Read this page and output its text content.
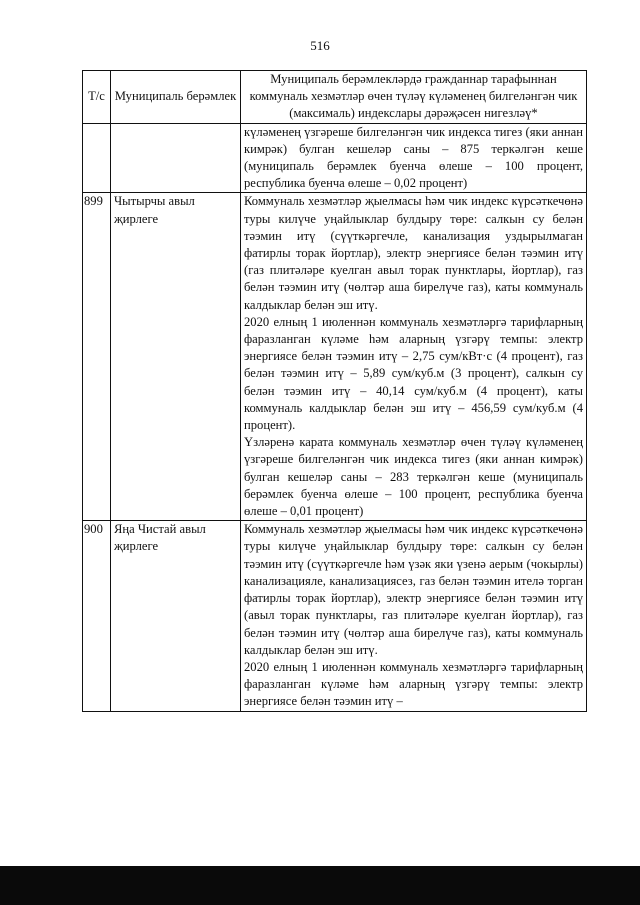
516
Т/с	Муниципаль берәмлек	Муниципаль берәмлекләрдә гражданнар тарафыннан коммуналь хезмәтләр өчен түләү күләменең билгеләнгән чик (максималь) индекслары дәрәҗәсен нигезләү*

		күләменең үзгәреше билгеләнгән чик индекса тигез (яки аннан кимрәк) булган кешеләр саны – 875 теркәлгән кеше (муниципаль берәмлек буенча өлеше – 100 процент, республика буенча өлеше – 0,02 процент)

899	Чытырчы авыл җирлеге	Коммуналь хезмәтләр җыелмасы һәм чик индекс күрсәткечөнә туры килүче уңайлыклар булдыру төре: салкын су белән тәэмин итү (сүүткәргечле, канализация уздырылмаган фатирлы торак йортлар), электр энергиясе белән тәэмин итү (газ плитәләре куелган авыл торак пунктлары, йортлар), газ белән тәэмин итү (чөлтәр аша бирелүче газ), каты коммуналь калдыклар белән эш итү.
2020 елның 1 июленнән коммуналь хезмәтләргә тарифларның фаразланган күләме һәм аларның үзгәрү темпы: электр энергиясе белән тәэмин итү – 2,75 сум/кВт·с (4 процент), газ белән тәэмин итү – 5,89 сум/куб.м (3 процент), салкын су белән тәэмин итү – 40,14 сум/куб.м (4 процент), каты коммуналь калдыклар белән эш итү – 456,59 сум/куб.м (4 процент).
Үзләренә карата коммуналь хезмәтләр өчен түләү күләменең үзгәреше билгеләнгән чик индекса тигез (яки аннан кимрәк) булган кешеләр саны – 283 теркәлгән кеше (муниципаль берәмлек буенча өлеше – 100 процент, республика буенча өлеше – 0,01 процент)

900	Яңа Чистай авыл җирлеге	Коммуналь хезмәтләр җыелмасы һәм чик индекс күрсәткечөнә туры килүче уңайлыклар булдыру төре: салкын су белән тәэмин итү (сүүткәргечле һәм үзәк яки үзенә аерым (чокырлы) канализацияле, канализациясез, газ белән тәэмин ителә торган фатирлы торак йортлар), электр энергиясе белән тәэмин итү (авыл торак пунктлары, газ плитәләре куелган йортлар), газ белән тәэмин итү (чөлтәр аша бирелүче газ), каты коммуналь калдыклар белән эш итү.
2020 елның 1 июленнән коммуналь хезмәтләргә тарифларның фаразланган күләме һәм аларның үзгәрү темпы: электр энергиясе белән тәэмин итү –
